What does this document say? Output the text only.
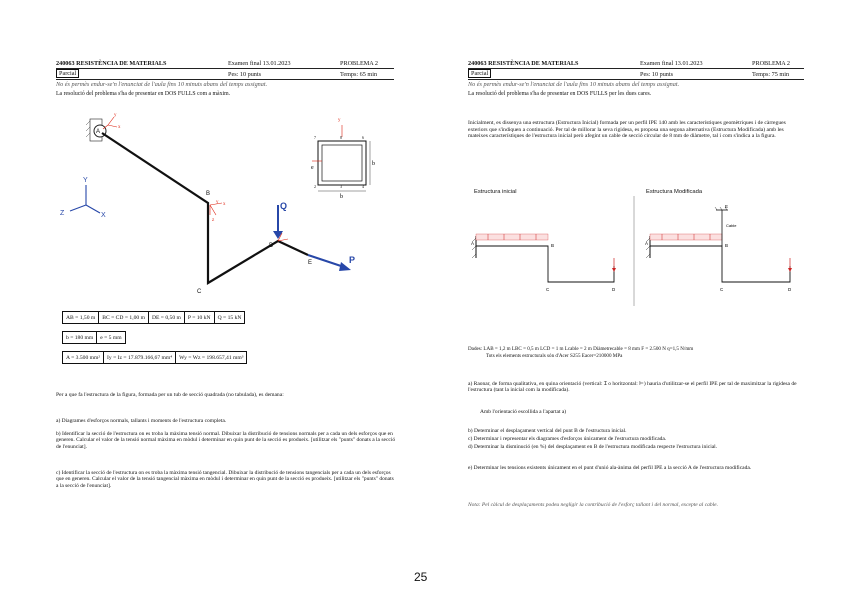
240063 RESISTÈNCIA DE MATERIALS	Examen final 13.01.2023	PROBLEMA 2
Parcial	Pes: 10 punts	Temps: 65 min
No és permès endur-se'n l'enunciat de l'aula fins 10 minuts abans del temps assignat.
La resolució del problema s'ha de presentar en DOS FULLS com a màxim.
y
x
y x
z
y
Q
P
A
B
C
D
E
Y
Z	X
b
b
e
7	8	6
2	3	4
AB = 1,50 m	BC = CD = 1,00 m	DE = 0,50 m	P = 10 kN	Q = 15 kN
b = 180 mm	e = 5 mm
A = 3.500 mm²	Iy = Iz = 17.879.166,67 mm⁴	Wy = Wz = 198.657,41 mm³
Per a que fa l'estructura de la figura, formada per un tub de secció quadrada (no tabulada), es demana:
a) Diagrames d'esforços normals, tallants i moments de l'estructura completa.
b) Identificar la secció de l'estructura on es troba la màxima tensió normal. Dibuixar la distribució de tensions normals per a cada un dels esforços que en generen. Calcular el valor de la tensió normal màxima en mòdul i determinar en quin punt de la secció es produeix. [utilitzar els "punts" donats a la secció de l'enunciat].
c) Identificar la secció de l'estructura on es troba la màxima tensió tangencial. Dibuixar la distribució de tensions tangencials per a cada un dels esforços que en generen. Calcular el valor de la tensió tangencial màxima en mòdul i determinar en quin punt de la secció es produeix. [utilitzar els "punts" donats a la secció de l'enunciat].
240063 RESISTÈNCIA DE MATERIALS	Examen final 13.01.2023	PROBLEMA 2
Parcial	Pes: 10 punts	Temps: 75 min
No és permès endur-se'n l'enunciat de l'aula fins 10 minuts abans del temps assignat.
La resolució del problema s'ha de presentar en DOS FULLS per les dues cares.
Inicialment, es dissenya una estructura (Estructura Inicial) formada per un perfil IPE 140 amb les característiques geomètriques i de càrregues exteriors que s'indiquen a continuació. Per tal de millorar la seva rigidesa, es proposa una segona alternativa (Estructura Modificada) amb les mateixes característiques de l'estructura inicial però afegint un cable de secció circular de 8 mm de diàmetre, tal i com s'indica a la figura.
Estructura inicial	Estructura Modificada
A	B
C	D
A	B
C	D
E
Cable
Dades: LAB = 1,2 m LBC = 0,5 m LCD = 1 m Lcable = 2 m Diàmetrecable = 8 mm F = 2.500 N q=1,5 N/mm
Tots els elements estructurals són d'Acer S255 Eacer=210000 MPa
a) Raonar, de forma qualitativa, en quina orientació (vertical: Ɪ o horitzontal: ⊢) hauria d'utilitzar-se el perfil IPE per tal de maximitzar la rigidesa de l'estructura (tant la inicial com la modificada).
Amb l'orientació escollida a l'apartat a)
b) Determinar el desplaçament vertical del punt B de l'estructura inicial.
c) Determinar i representar els diagrames d'esforços únicament de l'estructura modificada.
d) Determinar la disminució (en %) del desplaçament en B de l'estructura modificada respecte l'estructura inicial.
e) Determinar les tensions existents únicament en el punt d'unió ala-ànima del perfil IPE a la secció A de l'estructura modificada.
Nota: Pel càlcul de desplaçaments podeu negligir la contribució de l'esforç tallant i del normal, excepte al cable.
25
